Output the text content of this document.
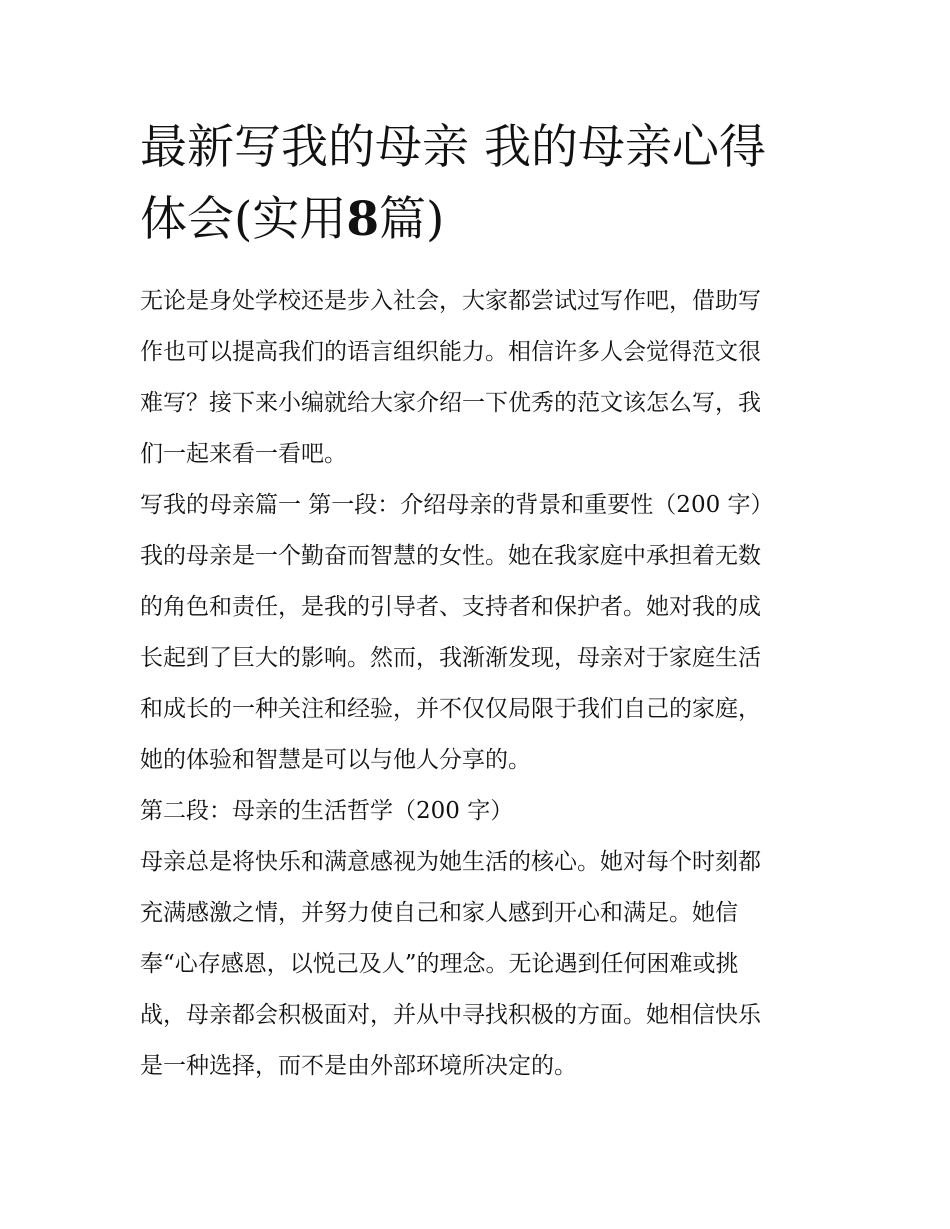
最新写我的母亲 我的母亲心得
体会(实用8篇)

无论是身处学校还是步入社会，大家都尝试过写作吧，借助写
作也可以提高我们的语言组织能力。相信许多人会觉得范文很
难写？接下来小编就给大家介绍一下优秀的范文该怎么写，我
们一起来看一看吧。

写我的母亲篇一 第一段：介绍母亲的背景和重要性（200 字）

我的母亲是一个勤奋而智慧的女性。她在我家庭中承担着无数
的角色和责任，是我的引导者、支持者和保护者。她对我的成
长起到了巨大的影响。然而，我渐渐发现，母亲对于家庭生活
和成长的一种关注和经验，并不仅仅局限于我们自己的家庭，
她的体验和智慧是可以与他人分享的。

第二段：母亲的生活哲学（200 字）

母亲总是将快乐和满意感视为她生活的核心。她对每个时刻都
充满感激之情，并努力使自己和家人感到开心和满足。她信
奉“心存感恩，以悦己及人”的理念。无论遇到任何困难或挑
战，母亲都会积极面对，并从中寻找积极的方面。她相信快乐
是一种选择，而不是由外部环境所决定的。
